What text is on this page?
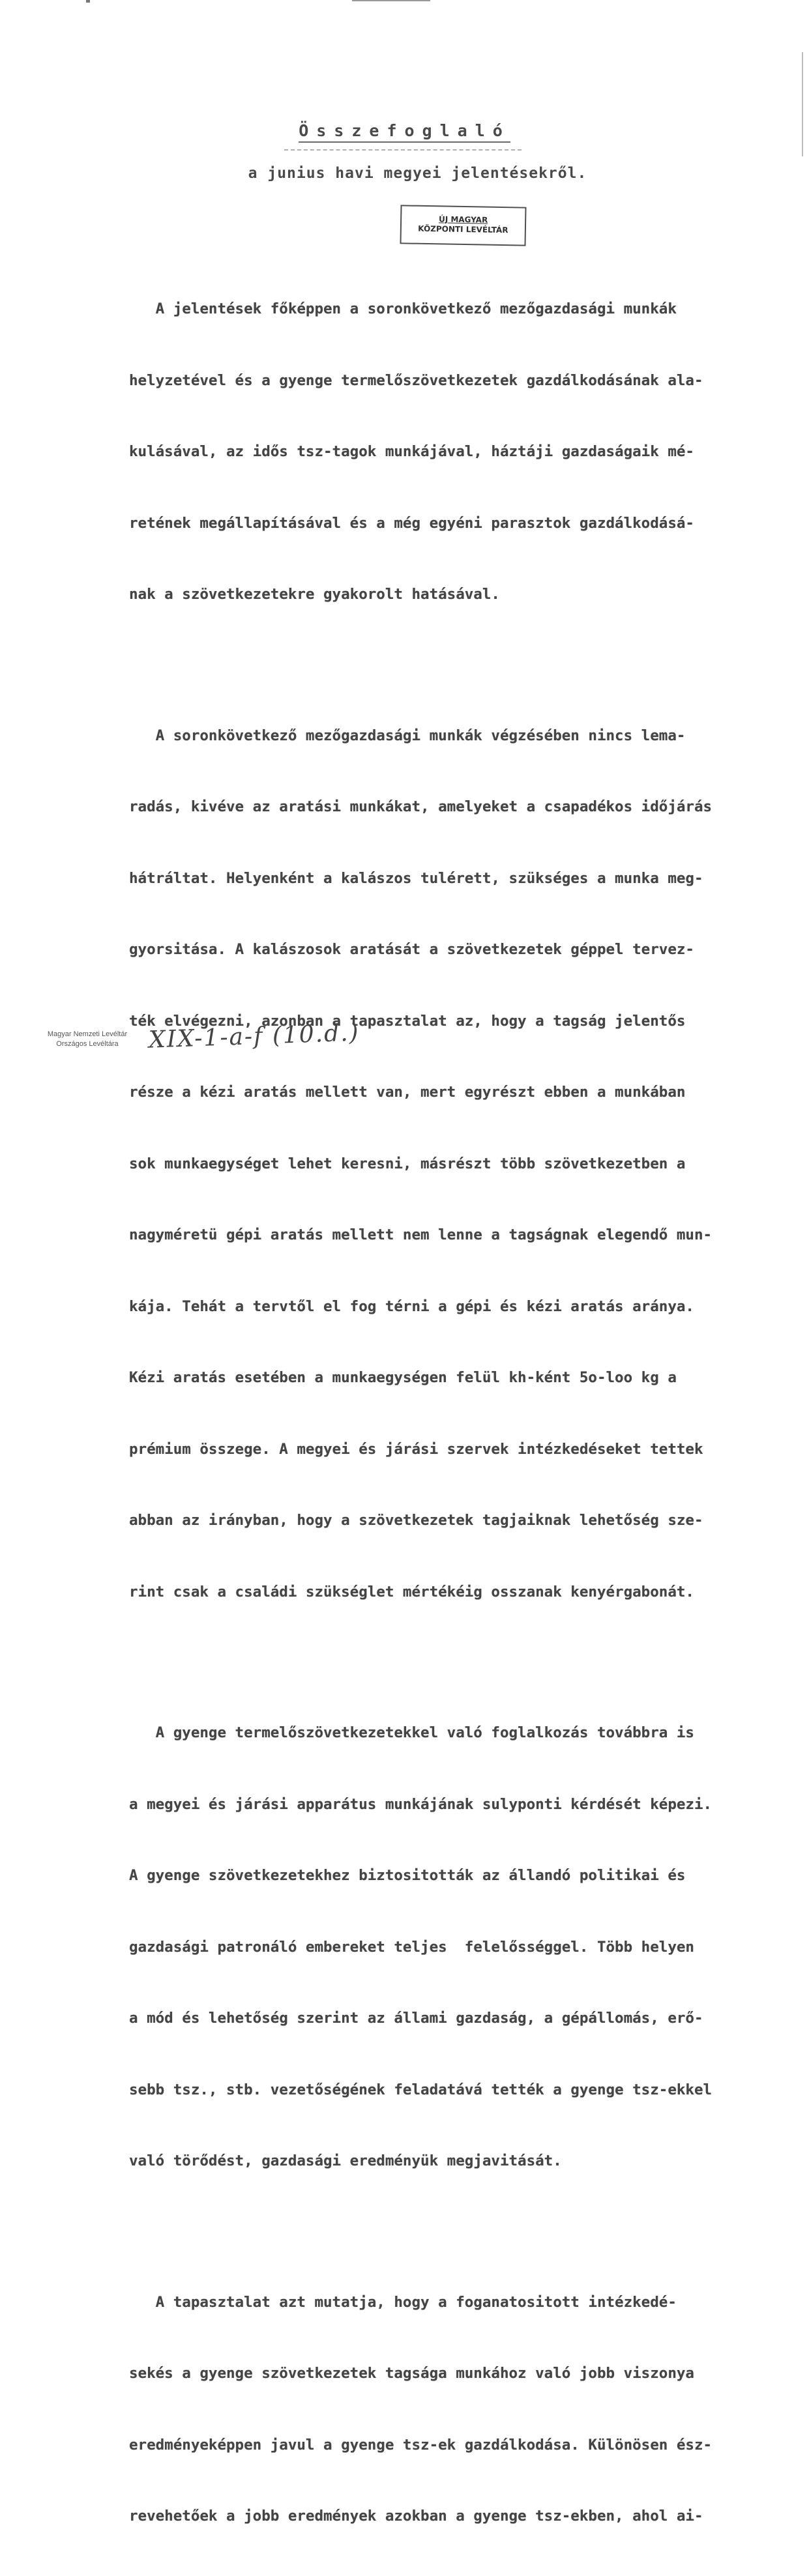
Összefoglaló
a junius havi megyei jelentésekről.
ÚJ MAGYAR
KÖZPONTI LEVÉLTÁR

A jelentések főképpen a soronkövetkező mezőgazdasági munkák

helyzetével és a gyenge termelőszövetkezetek gazdálkodásának ala-

kulásával, az idős tsz-tagok munkájával, háztáji gazdaságaik mé-

retének megállapításával és a még egyéni parasztok gazdálkodásá-

nak a szövetkezetekre gyakorolt hatásával.

A soronkövetkező mezőgazdasági munkák végzésében nincs lema-

radás, kivéve az aratási munkákat, amelyeket a csapadékos időjárás

hátráltat. Helyenként a kalászos tulérett, szükséges a munka meg-

gyorsitása. A kalászosok aratását a szövetkezetek géppel tervez-

ték elvégezni, azonban a tapasztalat az, hogy a tagság jelentős

része a kézi aratás mellett van, mert egyrészt ebben a munkában

sok munkaegységet lehet keresni, másrészt több szövetkezetben a

nagyméretü gépi aratás mellett nem lenne a tagságnak elegendő mun-

kája. Tehát a tervtől el fog térni a gépi és kézi aratás aránya.

Kézi aratás esetében a munkaegységen felül kh-ként 5o-loo kg a

prémium összege. A megyei és járási szervek intézkedéseket tettek

abban az irányban, hogy a szövetkezetek tagjaiknak lehetőség sze-

rint csak a családi szükséglet mértékéig osszanak kenyérgabonát.

A gyenge termelőszövetkezetekkel való foglalkozás továbbra is

a megyei és járási apparátus munkájának sulyponti kérdését képezi.

A gyenge szövetkezetekhez biztositották az állandó politikai és

gazdasági patronáló embereket teljes  felelősséggel. Több helyen

a mód és lehetőség szerint az állami gazdaság, a gépállomás, erő-

sebb tsz., stb. vezetőségének feladatává tették a gyenge tsz-ekkel

való törődést, gazdasági eredményük megjavitását.

A tapasztalat azt mutatja, hogy a foganatositott intézkedé-

sekés a gyenge szövetkezetek tagsága munkához való jobb viszonya

eredményeképpen javul a gyenge tsz-ek gazdálkodása. Különösen ész-

revehetőek a jobb eredmények azokban a gyenge tsz-ekben, ahol ai-

Magyar Nemzeti Levéltár
Országos Levéltára	XIX-1-a-f (10.d.)
